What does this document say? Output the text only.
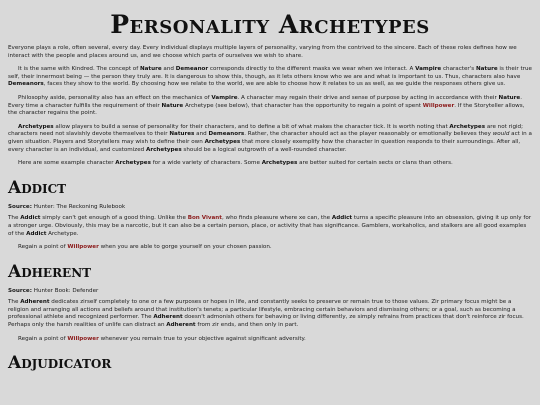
Personality Archetypes

Everyone plays a role, often several, every day. Every individual displays multiple layers of personality, varying from the contrived to the sincere. Each of these roles defines how we interact with the people and places around us, and we choose which parts of ourselves we wish to share.

It is the same with Kindred. The concept of Nature and Demeanor corresponds directly to the different masks we wear when we interact. A Vampire character's Nature is their true self, their innermost being — the person they truly are. It is dangerous to show this, though, as it lets others know who we are and what is important to us. Thus, characters also have Demeanors, faces they show to the world. By choosing how we relate to the world, we are able to choose how it relates to us as well, as we guide the responses others give us.

Philosophy aside, personality also has an effect on the mechanics of Vampire. A character may regain their drive and sense of purpose by acting in accordance with their Nature. Every time a character fulfills the requirement of their Nature Archetype (see below), that character has the opportunity to regain a point of spent Willpower. If the Storyteller allows, the character regains the point.

Archetypes allow players to build a sense of personality for their characters, and to define a bit of what makes the character tick. It is worth noting that Archetypes are not rigid; characters need not slavishly devote themselves to their Natures and Demeanors. Rather, the character should act as the player reasonably or emotionally believes they would act in a given situation. Players and Storytellers may wish to define their own Archetypes that more closely exemplify how the character in question responds to their surroundings. After all, every character is an individual, and customized Archetypes should be a logical outgrowth of a well-rounded character.

Here are some example character Archetypes for a wide variety of characters. Some Archetypes are better suited for certain sects or clans than others.

Addict

Source: Hunter: The Reckoning Rulebook

The Addict simply can't get enough of a good thing. Unlike the Bon Vivant, who finds pleasure where xe can, the Addict turns a specific pleasure into an obsession, giving it up only for a stronger urge. Obviously, this may be a narcotic, but it can also be a certain person, place, or activity that has significance. Gamblers, workaholics, and stalkers are all good examples of the Addict Archetype.

Regain a point of Willpower when you are able to gorge yourself on your chosen passion.

Adherent

Source: Hunter Book: Defender

The Adherent dedicates zirself completely to one or a few purposes or hopes in life, and constantly seeks to preserve or remain true to those values. Zir primary focus might be a religion and arranging all actions and beliefs around that institution's tenets; a particular lifestyle, embracing certain behaviors and dismissing others; or a goal, such as becoming a professional athlete and recognized performer. The Adherent doesn't admonish others for behaving or living differently, ze simply refrains from practices that don't reinforce zir focus. Perhaps only the harsh realities of unlife can distract an Adherent from zir ends, and then only in part.

Regain a point of Willpower whenever you remain true to your objective against significant adversity.

Adjudicator
